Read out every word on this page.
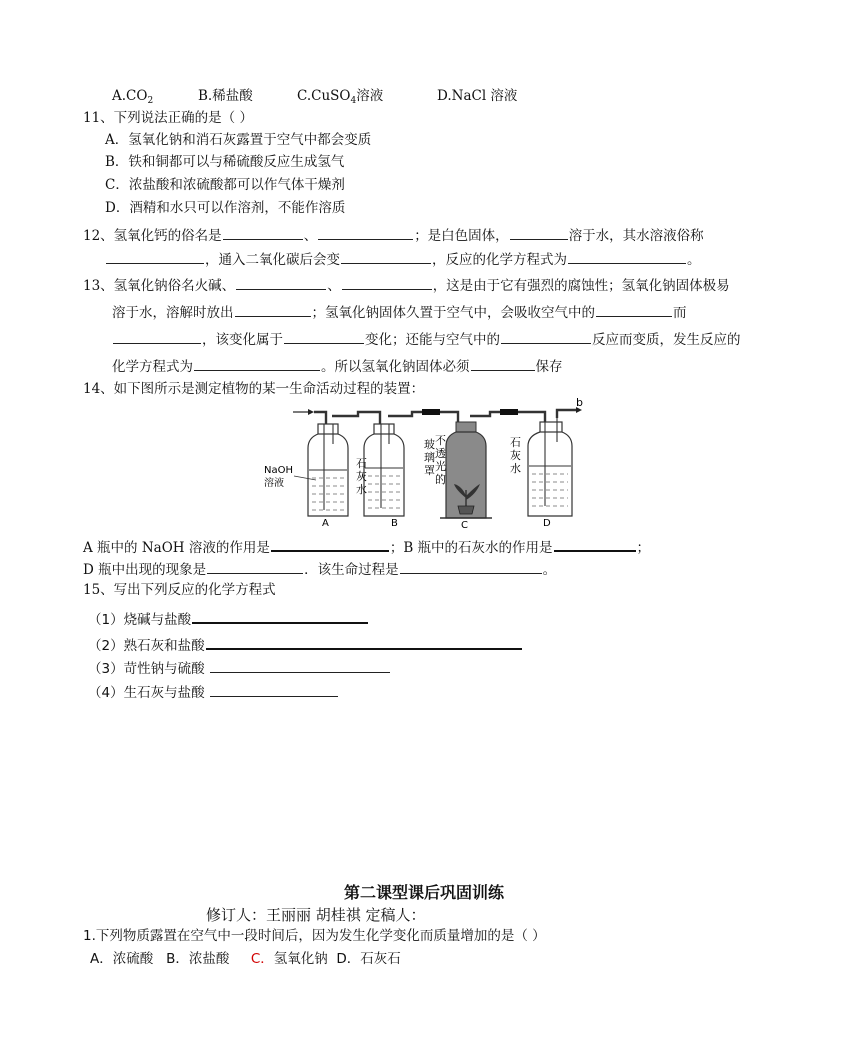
$A.CO_2$	B.稀盐酸	C.CuSO$_4$溶液	D.NaCl 溶液
11、下列说法正确的是（ ）
A．氢氧化钠和消石灰露置于空气中都会变质
B．铁和铜都可以与稀硫酸反应生成氢气
C．浓盐酸和浓硫酸都可以作气体干燥剂
D．酒精和水只可以作溶剂，不能作溶质
12、氢氧化钙的俗名是	、	；是白色固体，	溶于水，其水溶液俗称
，通入二氧化碳后会变	，反应的化学方程式为	。
13、氢氧化钠俗名火碱、	、	，这是由于它有强烈的腐蚀性；氢氧化钠固体极易
溶于水，溶解时放出	；氢氧化钠固体久置于空气中，会吸收空气中的	而
，该变化属于	变化；还能与空气中的	反应而变质，发生反应的
化学方程式为	。所以氢氧化钠固体必须	保存
14、如下图所示是测定植物的某一生命活动过程的装置：
b
NaOH
溶液
A
石
灰
水
B
玻
璃
罩
不
透
光
的
C
石
灰
水
D
A 瓶中的 NaOH 溶液的作用是	；B 瓶中的石灰水的作用是	；
D 瓶中出现的现象是	．该生命过程是	。
15、写出下列反应的化学方程式
（1）烧碱与盐酸
（2）熟石灰和盐酸
（3）苛性钠与硫酸
（4）生石灰与盐酸
第二课型课后巩固训练
修订人：王丽丽 胡桂祺 定稿人：
1.下列物质露置在空气中一段时间后，因为发生化学变化而质量增加的是（ ）
A．浓硫酸 B．浓盐酸 C．氢氧化钠 D．石灰石
